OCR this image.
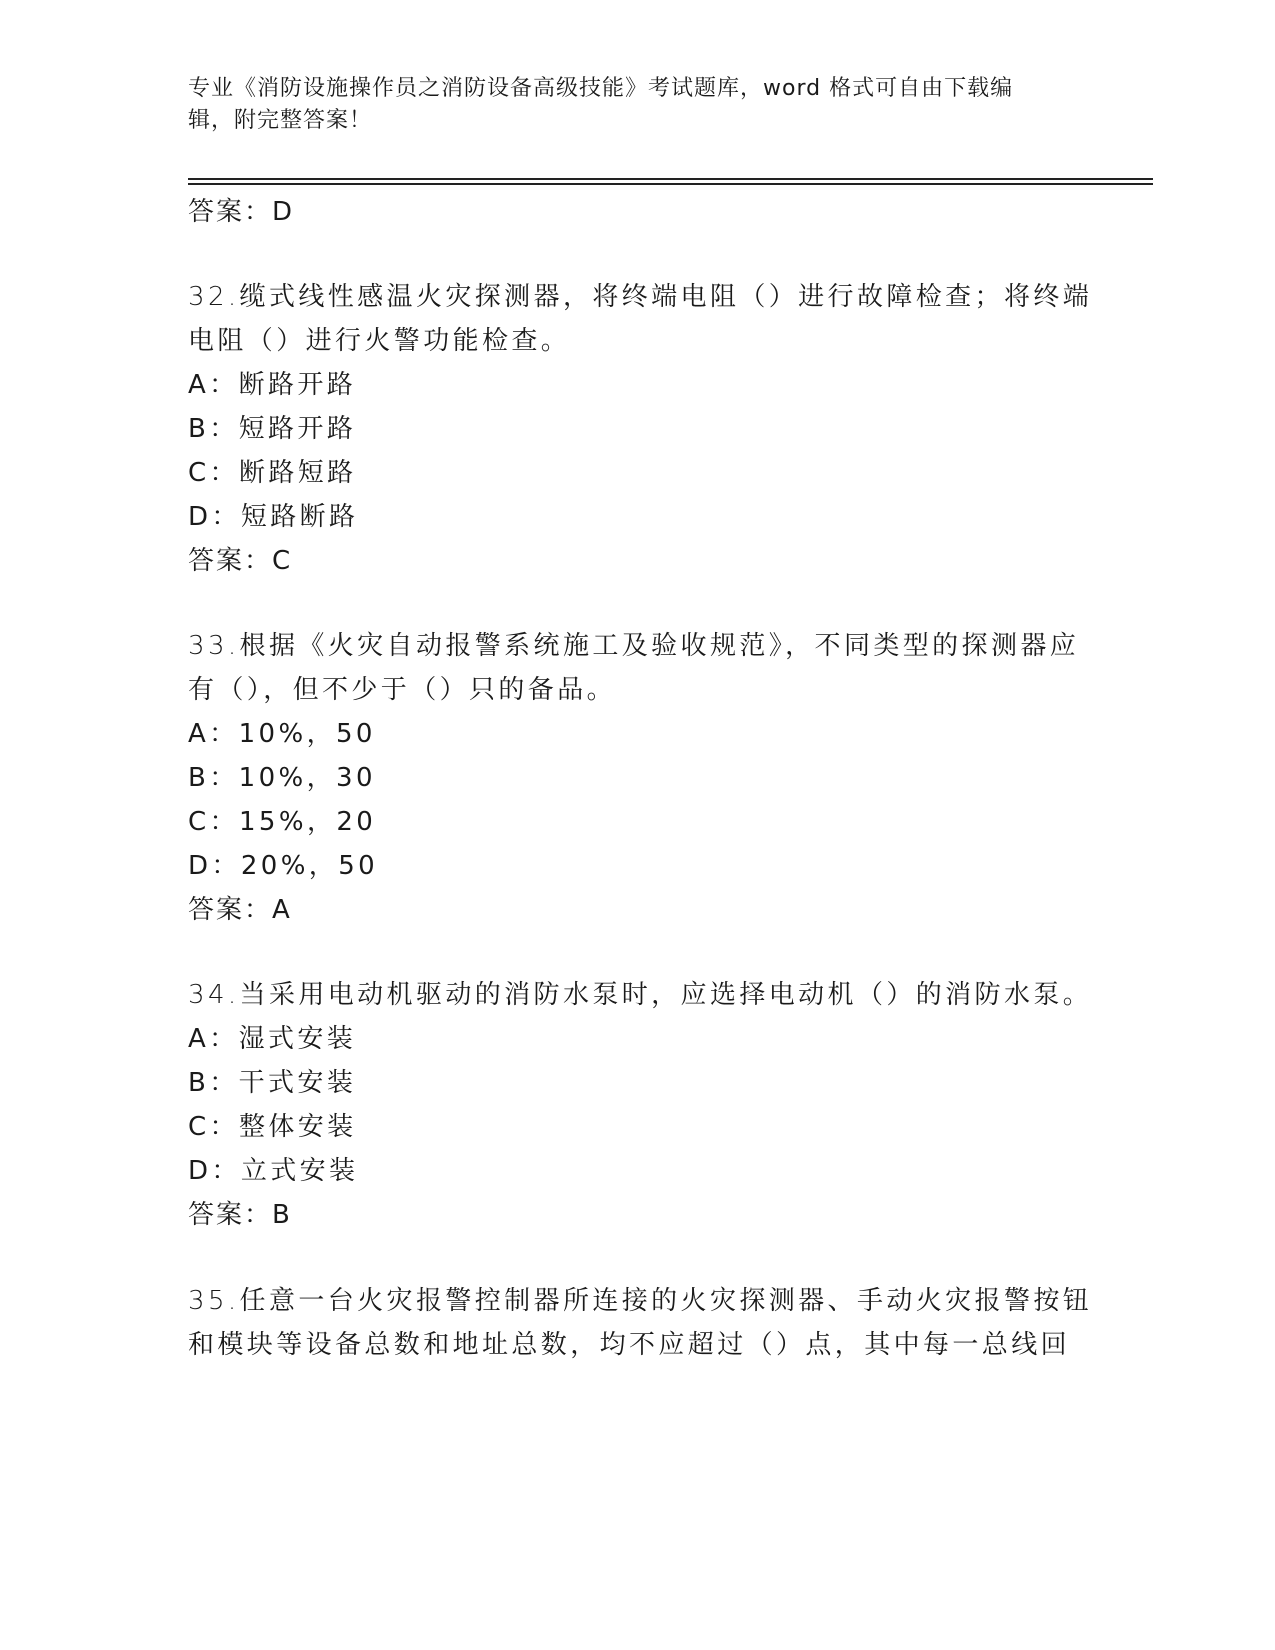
专业《消防设施操作员之消防设备高级技能》考试题库，word 格式可自由下载编
辑，附完整答案！
答案：D
32.缆式线性感温火灾探测器，将终端电阻（）进行故障检查；将终端
电阻（）进行火警功能检查。
A：断路开路
B：短路开路
C：断路短路
D：短路断路
答案：C
33.根据《火灾自动报警系统施工及验收规范》，不同类型的探测器应
有（），但不少于（）只的备品。
A：10%，50
B：10%，30
C：15%，20
D：20%，50
答案：A
34.当采用电动机驱动的消防水泵时，应选择电动机（）的消防水泵。
A：湿式安装
B：干式安装
C：整体安装
D：立式安装
答案：B
35.任意一台火灾报警控制器所连接的火灾探测器、手动火灾报警按钮
和模块等设备总数和地址总数，均不应超过（）点，其中每一总线回
